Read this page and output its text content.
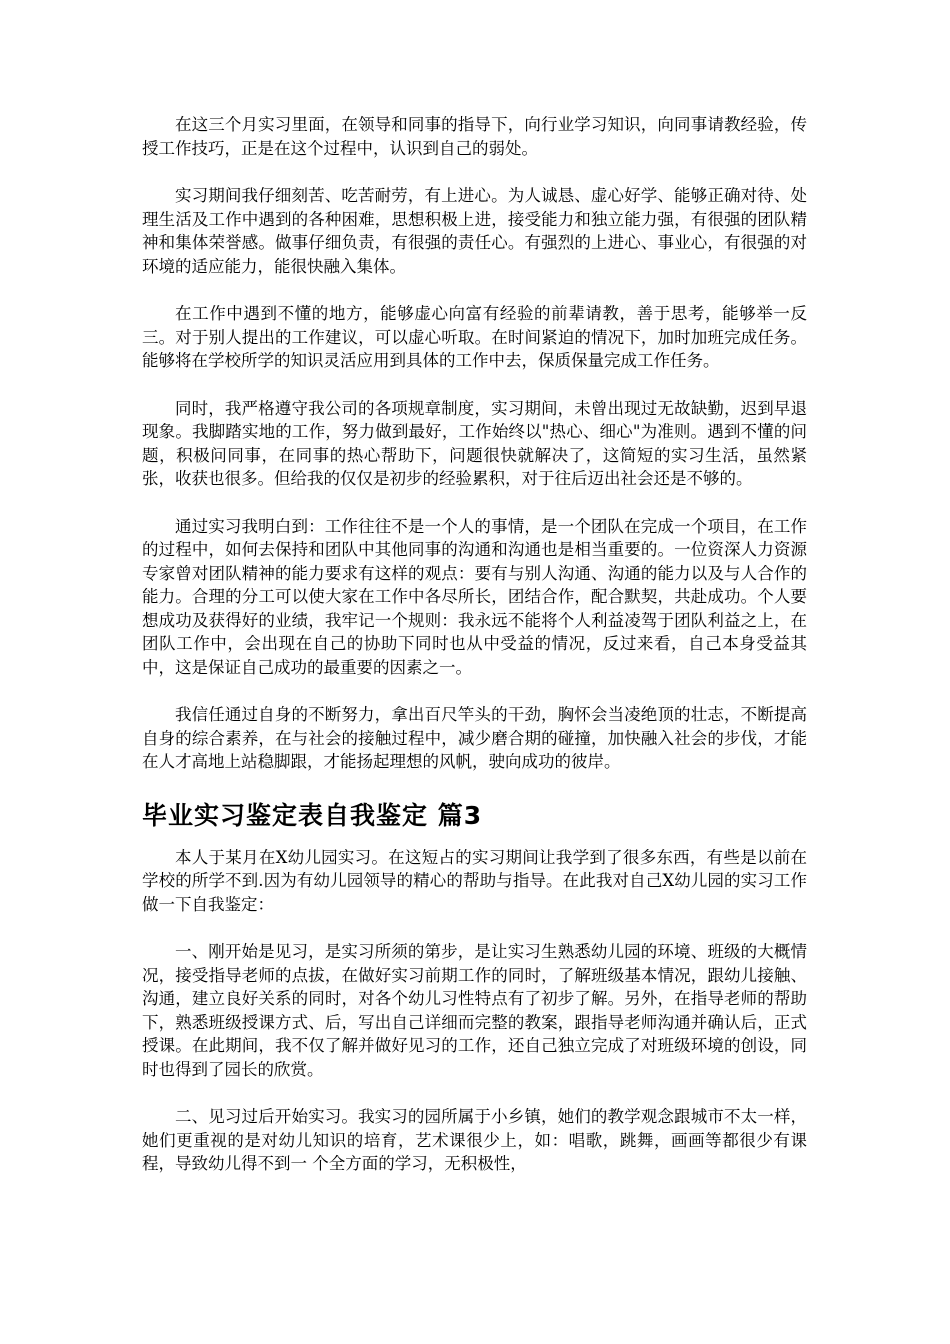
在这三个月实习里面，在领导和同事的指导下，向行业学习知识，向同事请教经验，传授工作技巧，正是在这个过程中，认识到自己的弱处。

实习期间我仔细刻苦、吃苦耐劳，有上进心。为人诚恳、虚心好学、能够正确对待、处理生活及工作中遇到的各种困难，思想积极上进，接受能力和独立能力强，有很强的团队精神和集体荣誉感。做事仔细负责，有很强的责任心。有强烈的上进心、事业心，有很强的对环境的适应能力，能很快融入集体。

在工作中遇到不懂的地方，能够虚心向富有经验的前辈请教，善于思考，能够举一反三。对于别人提出的工作建议，可以虚心听取。在时间紧迫的情况下，加时加班完成任务。能够将在学校所学的知识灵活应用到具体的工作中去，保质保量完成工作任务。

同时，我严格遵守我公司的各项规章制度，实习期间，未曾出现过无故缺勤，迟到早退现象。我脚踏实地的工作，努力做到最好，工作始终以"热心、细心"为准则。遇到不懂的问题，积极问同事，在同事的热心帮助下，问题很快就解决了，这简短的实习生活，虽然紧张，收获也很多。但给我的仅仅是初步的经验累积，对于往后迈出社会还是不够的。

通过实习我明白到：工作往往不是一个人的事情，是一个团队在完成一个项目，在工作的过程中，如何去保持和团队中其他同事的沟通和沟通也是相当重要的。一位资深人力资源专家曾对团队精神的能力要求有这样的观点：要有与别人沟通、沟通的能力以及与人合作的能力。合理的分工可以使大家在工作中各尽所长，团结合作，配合默契，共赴成功。个人要想成功及获得好的业绩，我牢记一个规则：我永远不能将个人利益凌驾于团队利益之上，在团队工作中，会出现在自己的协助下同时也从中受益的情况，反过来看，自己本身受益其中，这是保证自己成功的最重要的因素之一。

我信任通过自身的不断努力，拿出百尺竿头的干劲，胸怀会当凌绝顶的壮志，不断提高自身的综合素养，在与社会的接触过程中，减少磨合期的碰撞，加快融入社会的步伐，才能在人才高地上站稳脚跟，才能扬起理想的风帆，驶向成功的彼岸。

毕业实习鉴定表自我鉴定 篇3

本人于某月在X幼儿园实习。在这短占的实习期间让我学到了很多东西，有些是以前在学校的所学不到.因为有幼儿园领导的精心的帮助与指导。在此我对自己X幼儿园的实习工作做一下自我鉴定：

一、刚开始是见习，是实习所须的第步，是让实习生熟悉幼儿园的环境、班级的大概情况，接受指导老师的点拔，在做好实习前期工作的同时，了解班级基本情况，跟幼儿接触、沟通，建立良好关系的同时，对各个幼儿习性特点有了初步了解。另外，在指导老师的帮助下，熟悉班级授课方式、后，写出自己详细而完整的教案，跟指导老师沟通并确认后，正式授课。在此期间，我不仅了解并做好见习的工作，还自己独立完成了对班级环境的创设，同时也得到了园长的欣赏。

二、见习过后开始实习。我实习的园所属于小乡镇，她们的教学观念跟城市不太一样，她们更重视的是对幼儿知识的培育，艺术课很少上，如：唱歌，跳舞，画画等都很少有课程，导致幼儿得不到一 个全方面的学习，无积极性，
